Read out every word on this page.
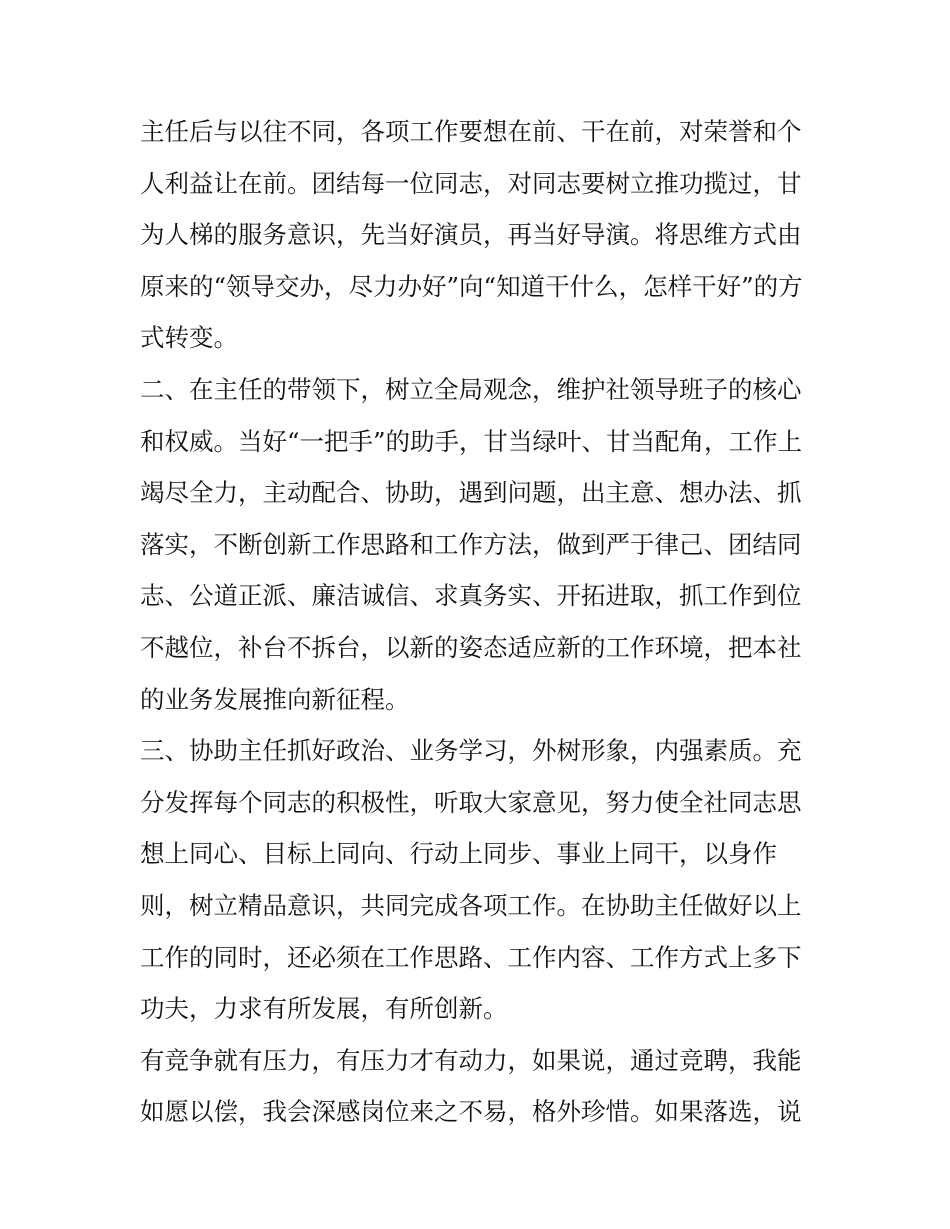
主任后与以往不同，各项工作要想在前、干在前，对荣誉和个
人利益让在前。团结每一位同志，对同志要树立推功揽过，甘
为人梯的服务意识，先当好演员，再当好导演。将思维方式由
原来的“领导交办，尽力办好”向“知道干什么，怎样干好”的方
式转变。
二、在主任的带领下，树立全局观念，维护社领导班子的核心
和权威。当好“一把手”的助手，甘当绿叶、甘当配角，工作上
竭尽全力，主动配合、协助，遇到问题，出主意、想办法、抓
落实，不断创新工作思路和工作方法，做到严于律己、团结同
志、公道正派、廉洁诚信、求真务实、开拓进取，抓工作到位
不越位，补台不拆台，以新的姿态适应新的工作环境，把本社
的业务发展推向新征程。
三、协助主任抓好政治、业务学习，外树形象，内强素质。充
分发挥每个同志的积极性，听取大家意见，努力使全社同志思
想上同心、目标上同向、行动上同步、事业上同干，以身作
则，树立精品意识，共同完成各项工作。在协助主任做好以上
工作的同时，还必须在工作思路、工作内容、工作方式上多下
功夫，力求有所发展，有所创新。
有竞争就有压力，有压力才有动力，如果说，通过竞聘，我能
如愿以偿，我会深感岗位来之不易，格外珍惜。如果落选，说
